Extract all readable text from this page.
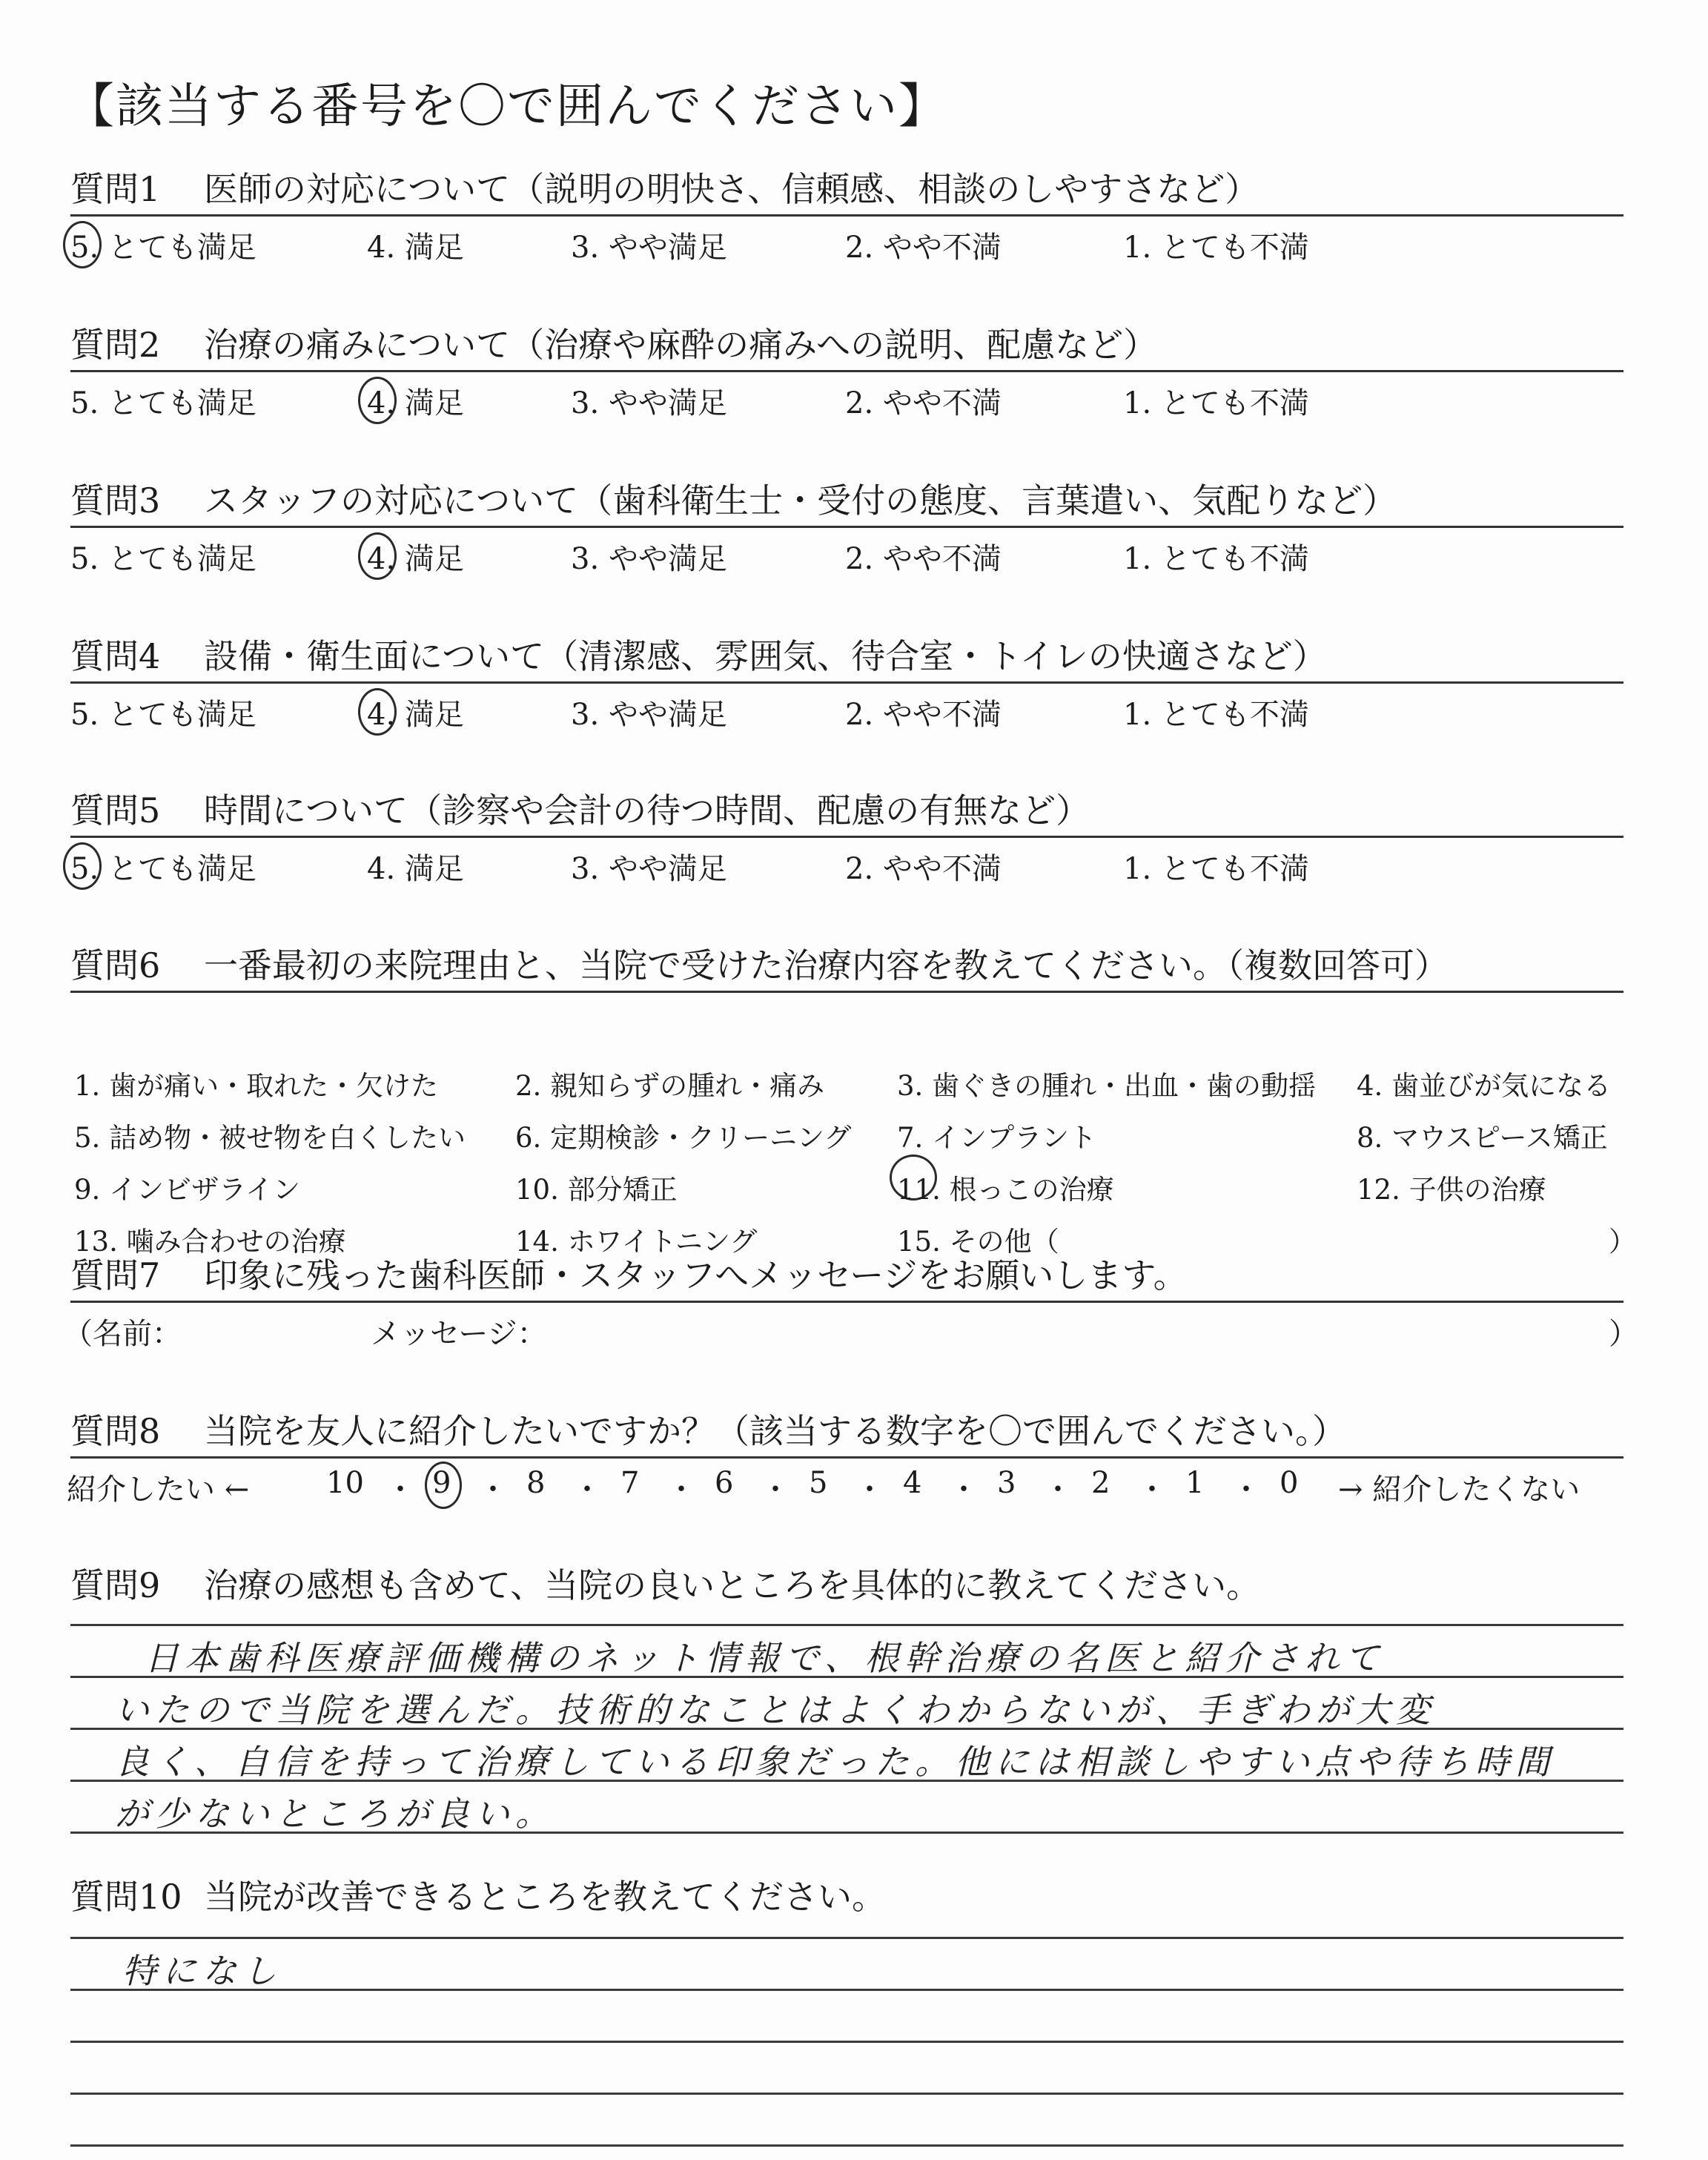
【該当する番号を〇で囲んでください】
質問1 医師の対応について（説明の明快さ、信頼感、相談のしやすさなど）
5. とても満足	4. 満足	3. やや満足	2. やや不満	1. とても不満
質問2 治療の痛みについて（治療や麻酔の痛みへの説明、配慮など）
5. とても満足	4. 満足	3. やや満足	2. やや不満	1. とても不満
質問3 スタッフの対応について（歯科衛生士・受付の態度、言葉遣い、気配りなど）
5. とても満足	4. 満足	3. やや満足	2. やや不満	1. とても不満
質問4 設備・衛生面について（清潔感、雰囲気、待合室・トイレの快適さなど）
5. とても満足	4. 満足	3. やや満足	2. やや不満	1. とても不満
質問5 時間について（診察や会計の待つ時間、配慮の有無など）
5. とても満足	4. 満足	3. やや満足	2. やや不満	1. とても不満
質問6 一番最初の来院理由と、当院で受けた治療内容を教えてください。（複数回答可）
1. 歯が痛い・取れた・欠けた	2. 親知らずの腫れ・痛み	3. 歯ぐきの腫れ・出血・歯の動揺 4. 歯並びが気になる
5. 詰め物・被せ物を白くしたい 6. 定期検診・クリーニング 7. インプラント	8. マウスピース矯正
9. インビザライン	10. 部分矯正	11. 根っこの治療	12. 子供の治療
13. 噛み合わせの治療	14. ホワイトニング	15. その他（	）
質問7 印象に残った歯科医師・スタッフへメッセージをお願いします。
（名前：	メッセージ：	）
質問8 当院を友人に紹介したいですか？（該当する数字を〇で囲んでください。）
紹介したい ←	10 ・ 9 ・ 8 ・ 7 ・ 6 ・ 5 ・ 4 ・ 3 ・ 2 ・ 1 ・ 0 → 紹介したくない
質問9 治療の感想も含めて、当院の良いところを具体的に教えてください。
日本歯科医療評価機構のネット情報で、根幹治療の名医と紹介されて
いたので当院を選んだ。技術的なことはよくわからないが、手ぎわが大変
良く、自信を持って治療している印象だった。他には相談しやすい点や待ち時間
が少ないところが良い。
質問10 当院が改善できるところを教えてください。
特になし
